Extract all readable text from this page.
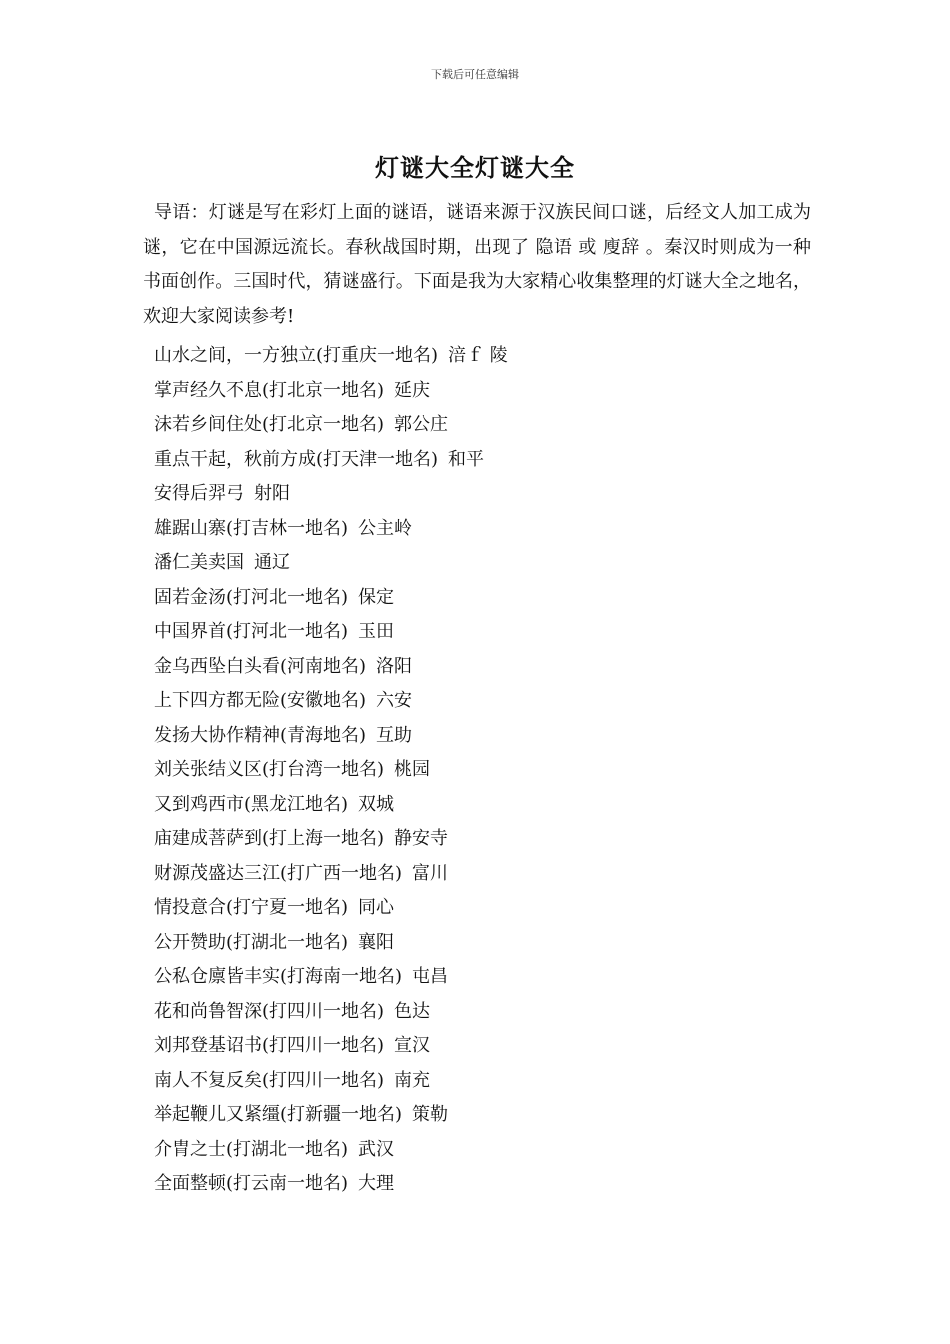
下载后可任意编辑
灯谜大全灯谜大全

导语：灯谜是写在彩灯上面的谜语，谜语来源于汉族民间口谜，后经文人加工成为谜，它在中国源远流长。春秋战国时期，出现了 隐语 或 廋辞 。秦汉时则成为一种书面创作。三国时代，猜谜盛行。下面是我为大家精心收集整理的灯谜大全之地名，欢迎大家阅读参考!

山水之间，一方独立(打重庆一地名) 涪ｆ 陵
掌声经久不息(打北京一地名) 延庆
沫若乡间住处(打北京一地名) 郭公庄
重点干起，秋前方成(打天津一地名) 和平
安得后羿弓 射阳
雄踞山寨(打吉林一地名) 公主岭
潘仁美卖国 通辽
固若金汤(打河北一地名) 保定
中国界首(打河北一地名) 玉田
金乌西坠白头看(河南地名) 洛阳
上下四方都无险(安徽地名) 六安
发扬大协作精神(青海地名) 互助
刘关张结义区(打台湾一地名) 桃园
又到鸡西市(黑龙江地名) 双城
庙建成菩萨到(打上海一地名) 静安寺
财源茂盛达三江(打广西一地名) 富川
情投意合(打宁夏一地名) 同心
公开赞助(打湖北一地名) 襄阳
公私仓廪皆丰实(打海南一地名) 屯昌
花和尚鲁智深(打四川一地名) 色达
刘邦登基诏书(打四川一地名) 宣汉
南人不复反矣(打四川一地名) 南充
举起鞭儿又紧缰(打新疆一地名) 策勒
介胄之士(打湖北一地名) 武汉
全面整顿(打云南一地名) 大理
